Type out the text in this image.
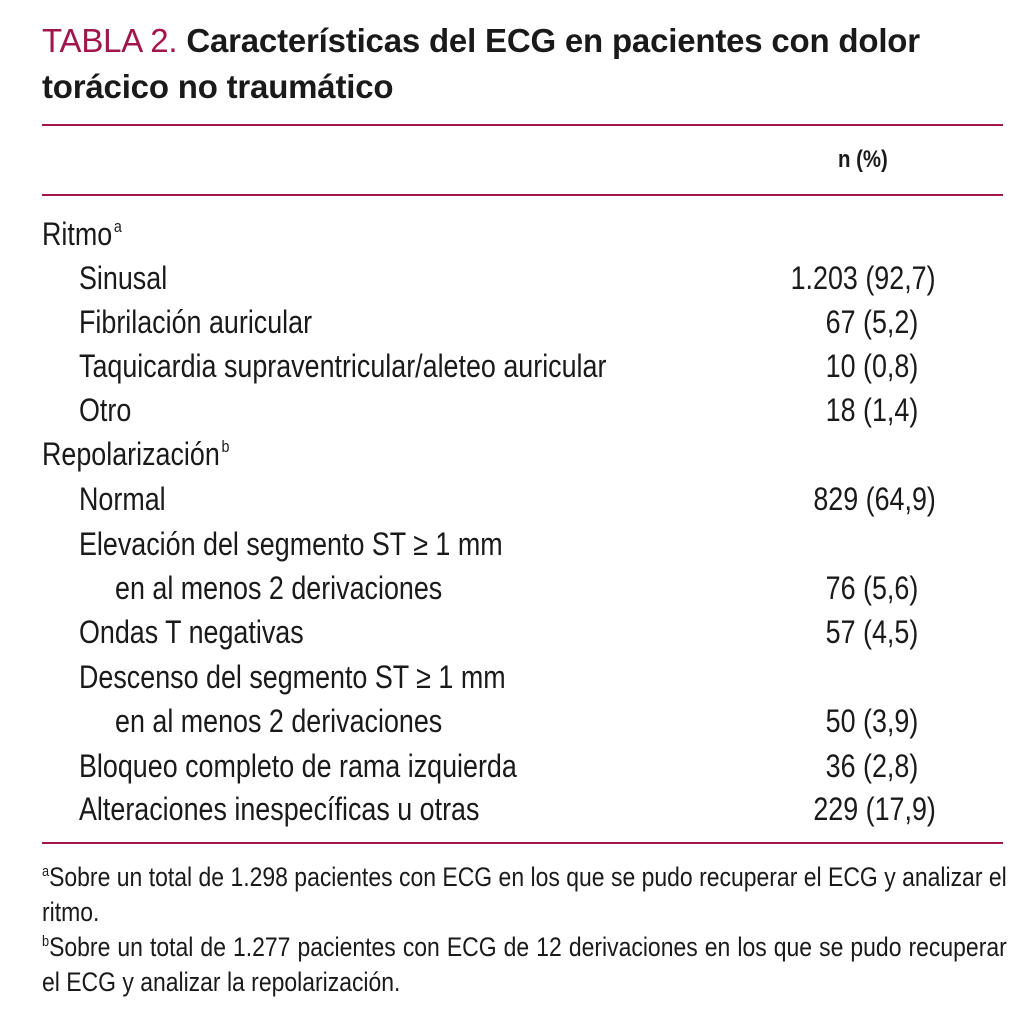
TABLA 2. Características del ECG en pacientes con dolor torácico no traumático
n (%)
Ritmo$^a$
Sinusal	1.203 (92,7)
Fibrilación auricular	67 (5,2)
Taquicardia supraventricular/aleteo auricular	10 (0,8)
Otro	18 (1,4)
Repolarización$^b$
Normal	829 (64,9)
Elevación del segmento ST ≥ 1 mm
en al menos 2 derivaciones	76 (5,6)
Ondas T negativas	57 (4,5)
Descenso del segmento ST ≥ 1 mm
en al menos 2 derivaciones	50 (3,9)
Bloqueo completo de rama izquierda	36 (2,8)
Alteraciones inespecíficas u otras	229 (17,9)

$^a$Sobre un total de 1.298 pacientes con ECG en los que se pudo recuperar el ECG y analizar el ritmo.

$^b$Sobre un total de 1.277 pacientes con ECG de 12 derivaciones en los que se pudo recuperar el ECG y analizar la repolarización.
